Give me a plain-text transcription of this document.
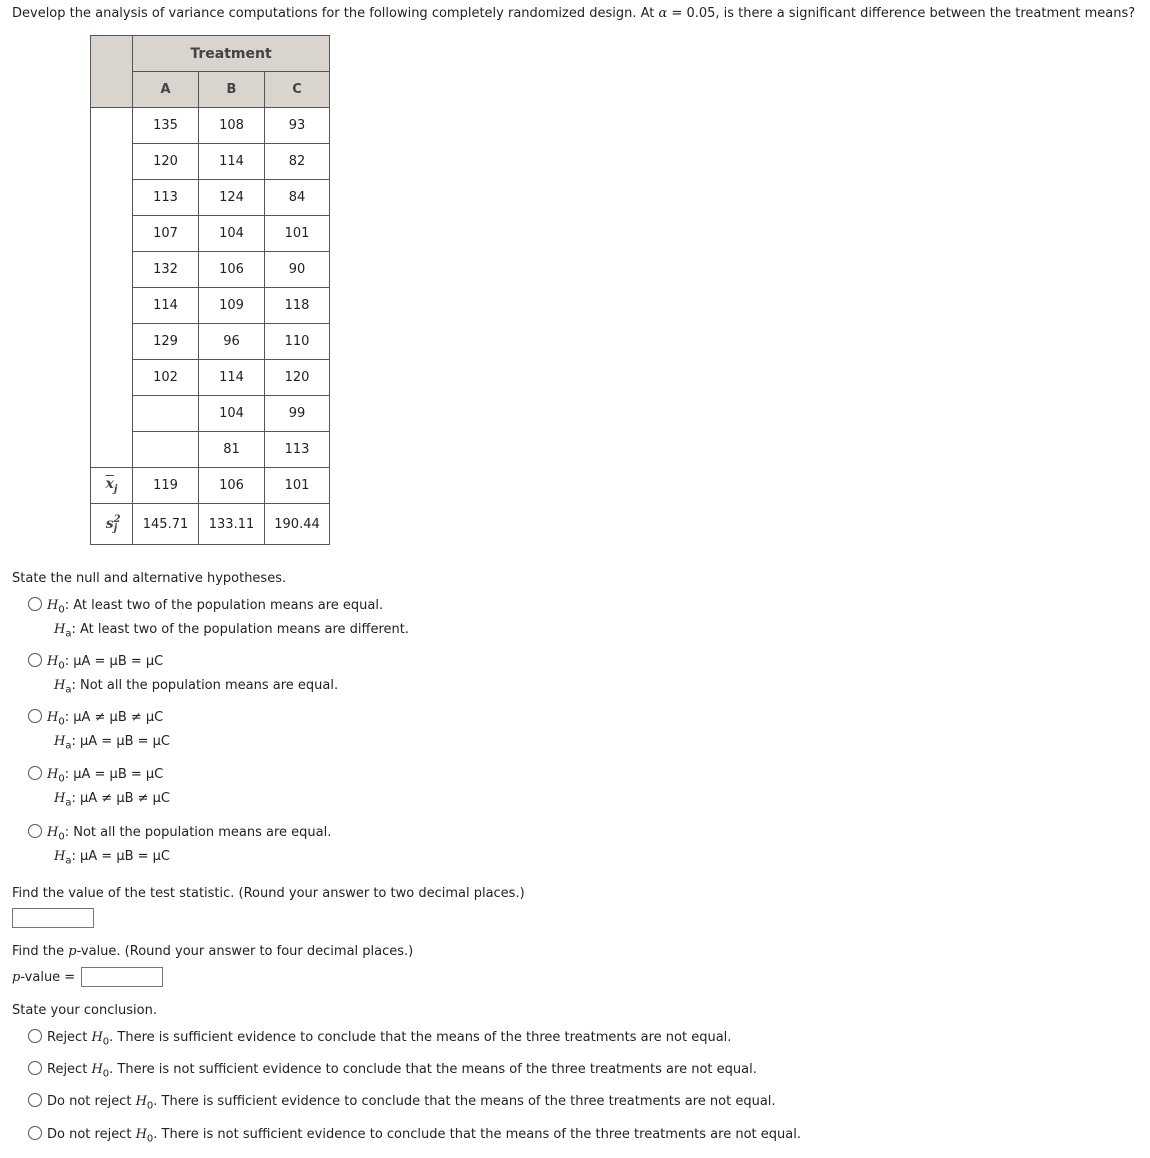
Develop the analysis of variance computations for the following completely randomized design. At α = 0.05, is there a significant difference between the treatment means?
	Treatment		
	A	B	C
	135	108	93
	120	114	82
	113	124	84
	107	104	101
	132	106	90
	114	109	118
	129	96	110
	102	114	120
		104	99
		81	113
$\overline{x}_j$	119	106	101
$s^2_j$	145.71	133.11	190.44
State the null and alternative hypotheses.
$H_0$: At least two of the population means are equal.
$H_a$: At least two of the population means are different.
$H_0$: μA = μB = μC
$H_a$: Not all the population means are equal.
$H_0$: μA ≠ μB ≠ μC
$H_a$: μA = μB = μC
$H_0$: μA = μB = μC
$H_a$: μA ≠ μB ≠ μC
$H_0$: Not all the population means are equal.
$H_a$: μA = μB = μC
Find the value of the test statistic. (Round your answer to two decimal places.)
Find the p-value. (Round your answer to four decimal places.)
p-value =
State your conclusion.
Reject $H_0$. There is sufficient evidence to conclude that the means of the three treatments are not equal.
Reject $H_0$. There is not sufficient evidence to conclude that the means of the three treatments are not equal.
Do not reject $H_0$. There is sufficient evidence to conclude that the means of the three treatments are not equal.
Do not reject $H_0$. There is not sufficient evidence to conclude that the means of the three treatments are not equal.
